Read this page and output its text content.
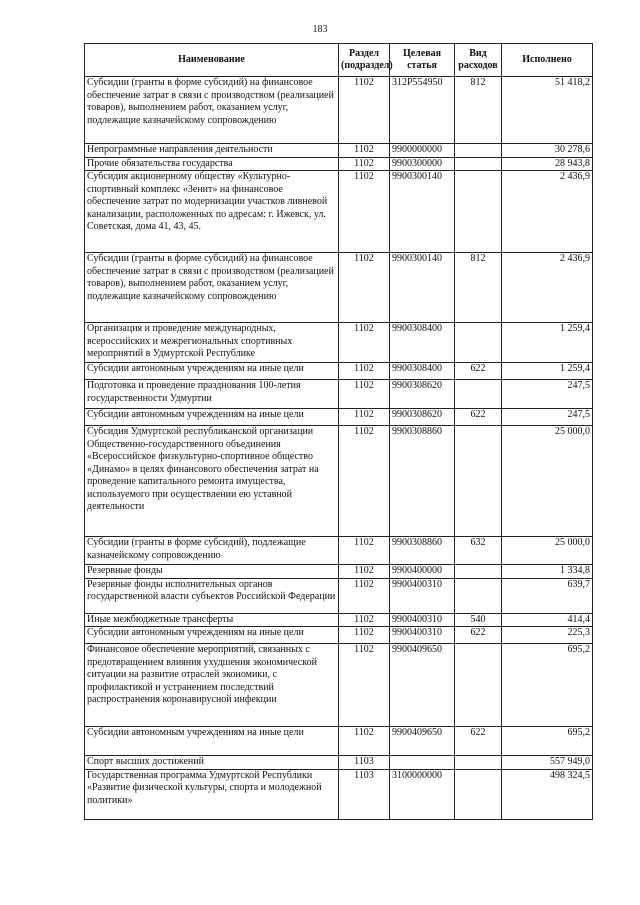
183
Наименование	Раздел (подраздел)	Целевая статья	Вид расходов	Исполнено
Субсидии (гранты в форме субсидий) на финансовое обеспечение затрат в связи с производством (реализацией товаров), выполнением работ, оказанием услуг, подлежащие казначейскому сопровождению	1102	312P554950	812	51 418,2
Непрограммные направления деятельности	1102	9900000000		30 278,6
Прочие обязательства государства	1102	9900300000		28 943,8
Субсидия акционерному обществу «Культурно-спортивный комплекс «Зенит» на финансовое обеспечение затрат по модернизации участков ливневой канализации, расположенных по адресам: г. Ижевск, ул. Советская, дома 41, 43, 45.	1102	9900300140		2 436,9
Субсидии (гранты в форме субсидий) на финансовое обеспечение затрат в связи с производством (реализацией товаров), выполнением работ, оказанием услуг, подлежащие казначейскому сопровождению	1102	9900300140	812	2 436,9
Организация и проведение международных, всероссийских и межрегиональных спортивных мероприятий в Удмуртской Республике	1102	9900308400		1 259,4
Субсидии автономным учреждениям на иные цели	1102	9900308400	622	1 259,4
Подготовка и проведение празднования 100-летия государственности Удмуртии	1102	9900308620		247,5
Субсидии автономным учреждениям на иные цели	1102	9900308620	622	247,5
Субсидия Удмуртской республиканской организации Общественно-государственного объединения «Всероссийское физкультурно-спортивное общество «Динамо» в целях финансового обеспечения затрат на проведение капитального ремонта имущества, используемого при осуществлении ею уставной деятельности	1102	9900308860		25 000,0
Субсидии (гранты в форме субсидий), подлежащие казначейскому сопровождению	1102	9900308860	632	25 000,0
Резервные фонды	1102	9900400000		1 334,8
Резервные фонды исполнительных органов государственной власти субъектов Российской Федерации	1102	9900400310		639,7
Иные межбюджетные трансферты	1102	9900400310	540	414,4
Субсидии автономным учреждениям на иные цели	1102	9900400310	622	225,3
Финансовое обеспечение мероприятий, связанных с предотвращением влияния ухудшения экономической ситуации на развитие отраслей экономики, с профилактикой и устранением последствий распространения коронавирусной инфекции	1102	9900409650		695,2
Субсидии автономным учреждениям на иные цели	1102	9900409650	622	695,2
Спорт высших достижений	1103			557 949,0
Государственная программа Удмуртской Республики «Развитие физической культуры, спорта и молодежной политики»	1103	3100000000		498 324,5
